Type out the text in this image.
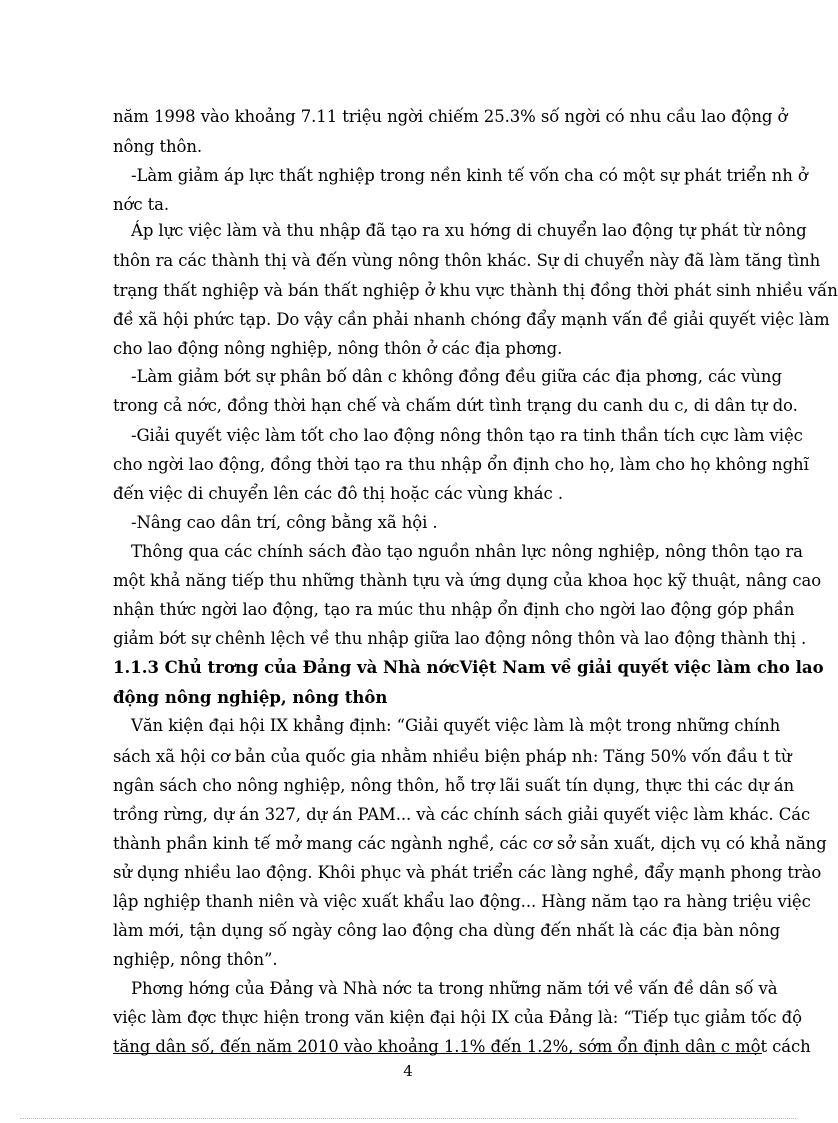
năm 1998 vào khoảng 7.11 triệu ngời chiếm 25.3% số ngời có nhu cầu lao động ở
nông thôn.
-Làm giảm áp lực thất nghiệp trong nền kinh tế vốn cha có một sự phát triển nh ở
nớc ta.
Áp lực việc làm và thu nhập đã tạo ra xu hớng di chuyển lao động tự phát từ nông
thôn ra các thành thị và đến vùng nông thôn khác. Sự di chuyển này đã làm tăng tình
trạng thất nghiệp và bán thất nghiệp ở khu vực thành thị đồng thời phát sinh nhiều vấn
đề xã hội phức tạp. Do vậy cần phải nhanh chóng đẩy mạnh vấn đề giải quyết việc làm
cho lao động nông nghiệp, nông thôn ở các địa phơng.
-Làm giảm bớt sự phân bố dân c không đồng đều giữa các địa phơng, các vùng
trong cả nớc, đồng thời hạn chế và chấm dứt tình trạng du canh du c, di dân tự do.
-Giải quyết việc làm tốt cho lao động nông thôn tạo ra tinh thần tích cực làm việc
cho ngời lao động, đồng thời tạo ra thu nhập ổn định cho họ, làm cho họ không nghĩ
đến việc di chuyển lên các đô thị hoặc các vùng khác .
-Nâng cao dân trí, công bằng xã hội .
Thông qua các chính sách đào tạo nguồn nhân lực nông nghiệp, nông thôn tạo ra
một khả năng tiếp thu những thành tựu và ứng dụng của khoa học kỹ thuật, nâng cao
nhận thức ngời lao động, tạo ra múc thu nhập ổn định cho ngời lao động góp phần
giảm bớt sự chênh lệch về thu nhập giữa lao động nông thôn và lao động thành thị .
1.1.3 Chủ trơng của Đảng và Nhà nớcViệt Nam về giải quyết việc làm cho lao
động nông nghiệp, nông thôn
Văn kiện đại hội IX khẳng định: “Giải quyết việc làm là một trong những chính
sách xã hội cơ bản của quốc gia nhằm nhiều biện pháp nh: Tăng 50% vốn đầu t từ
ngân sách cho nông nghiệp, nông thôn, hỗ trợ lãi suất tín dụng, thực thi các dự án
trồng rừng, dự án 327, dự án PAM... và các chính sách giải quyết việc làm khác. Các
thành phần kinh tế mở mang các ngành nghề, các cơ sở sản xuất, dịch vụ có khả năng
sử dụng nhiều lao động. Khôi phục và phát triển các làng nghề, đẩy mạnh phong trào
lập nghiệp thanh niên và việc xuất khẩu lao động... Hàng năm tạo ra hàng triệu việc
làm mới, tận dụng số ngày công lao động cha dùng đến nhất là các địa bàn nông
nghiệp, nông thôn”.
Phơng hớng của Đảng và Nhà nớc ta trong những năm tới về vấn đề dân số và
việc làm đợc thực hiện trong văn kiện đại hội IX của Đảng là: “Tiếp tục giảm tốc độ
tăng dân số, đến năm 2010 vào khoảng 1.1% đến 1.2%, sớm ổn định dân c một cách
4
